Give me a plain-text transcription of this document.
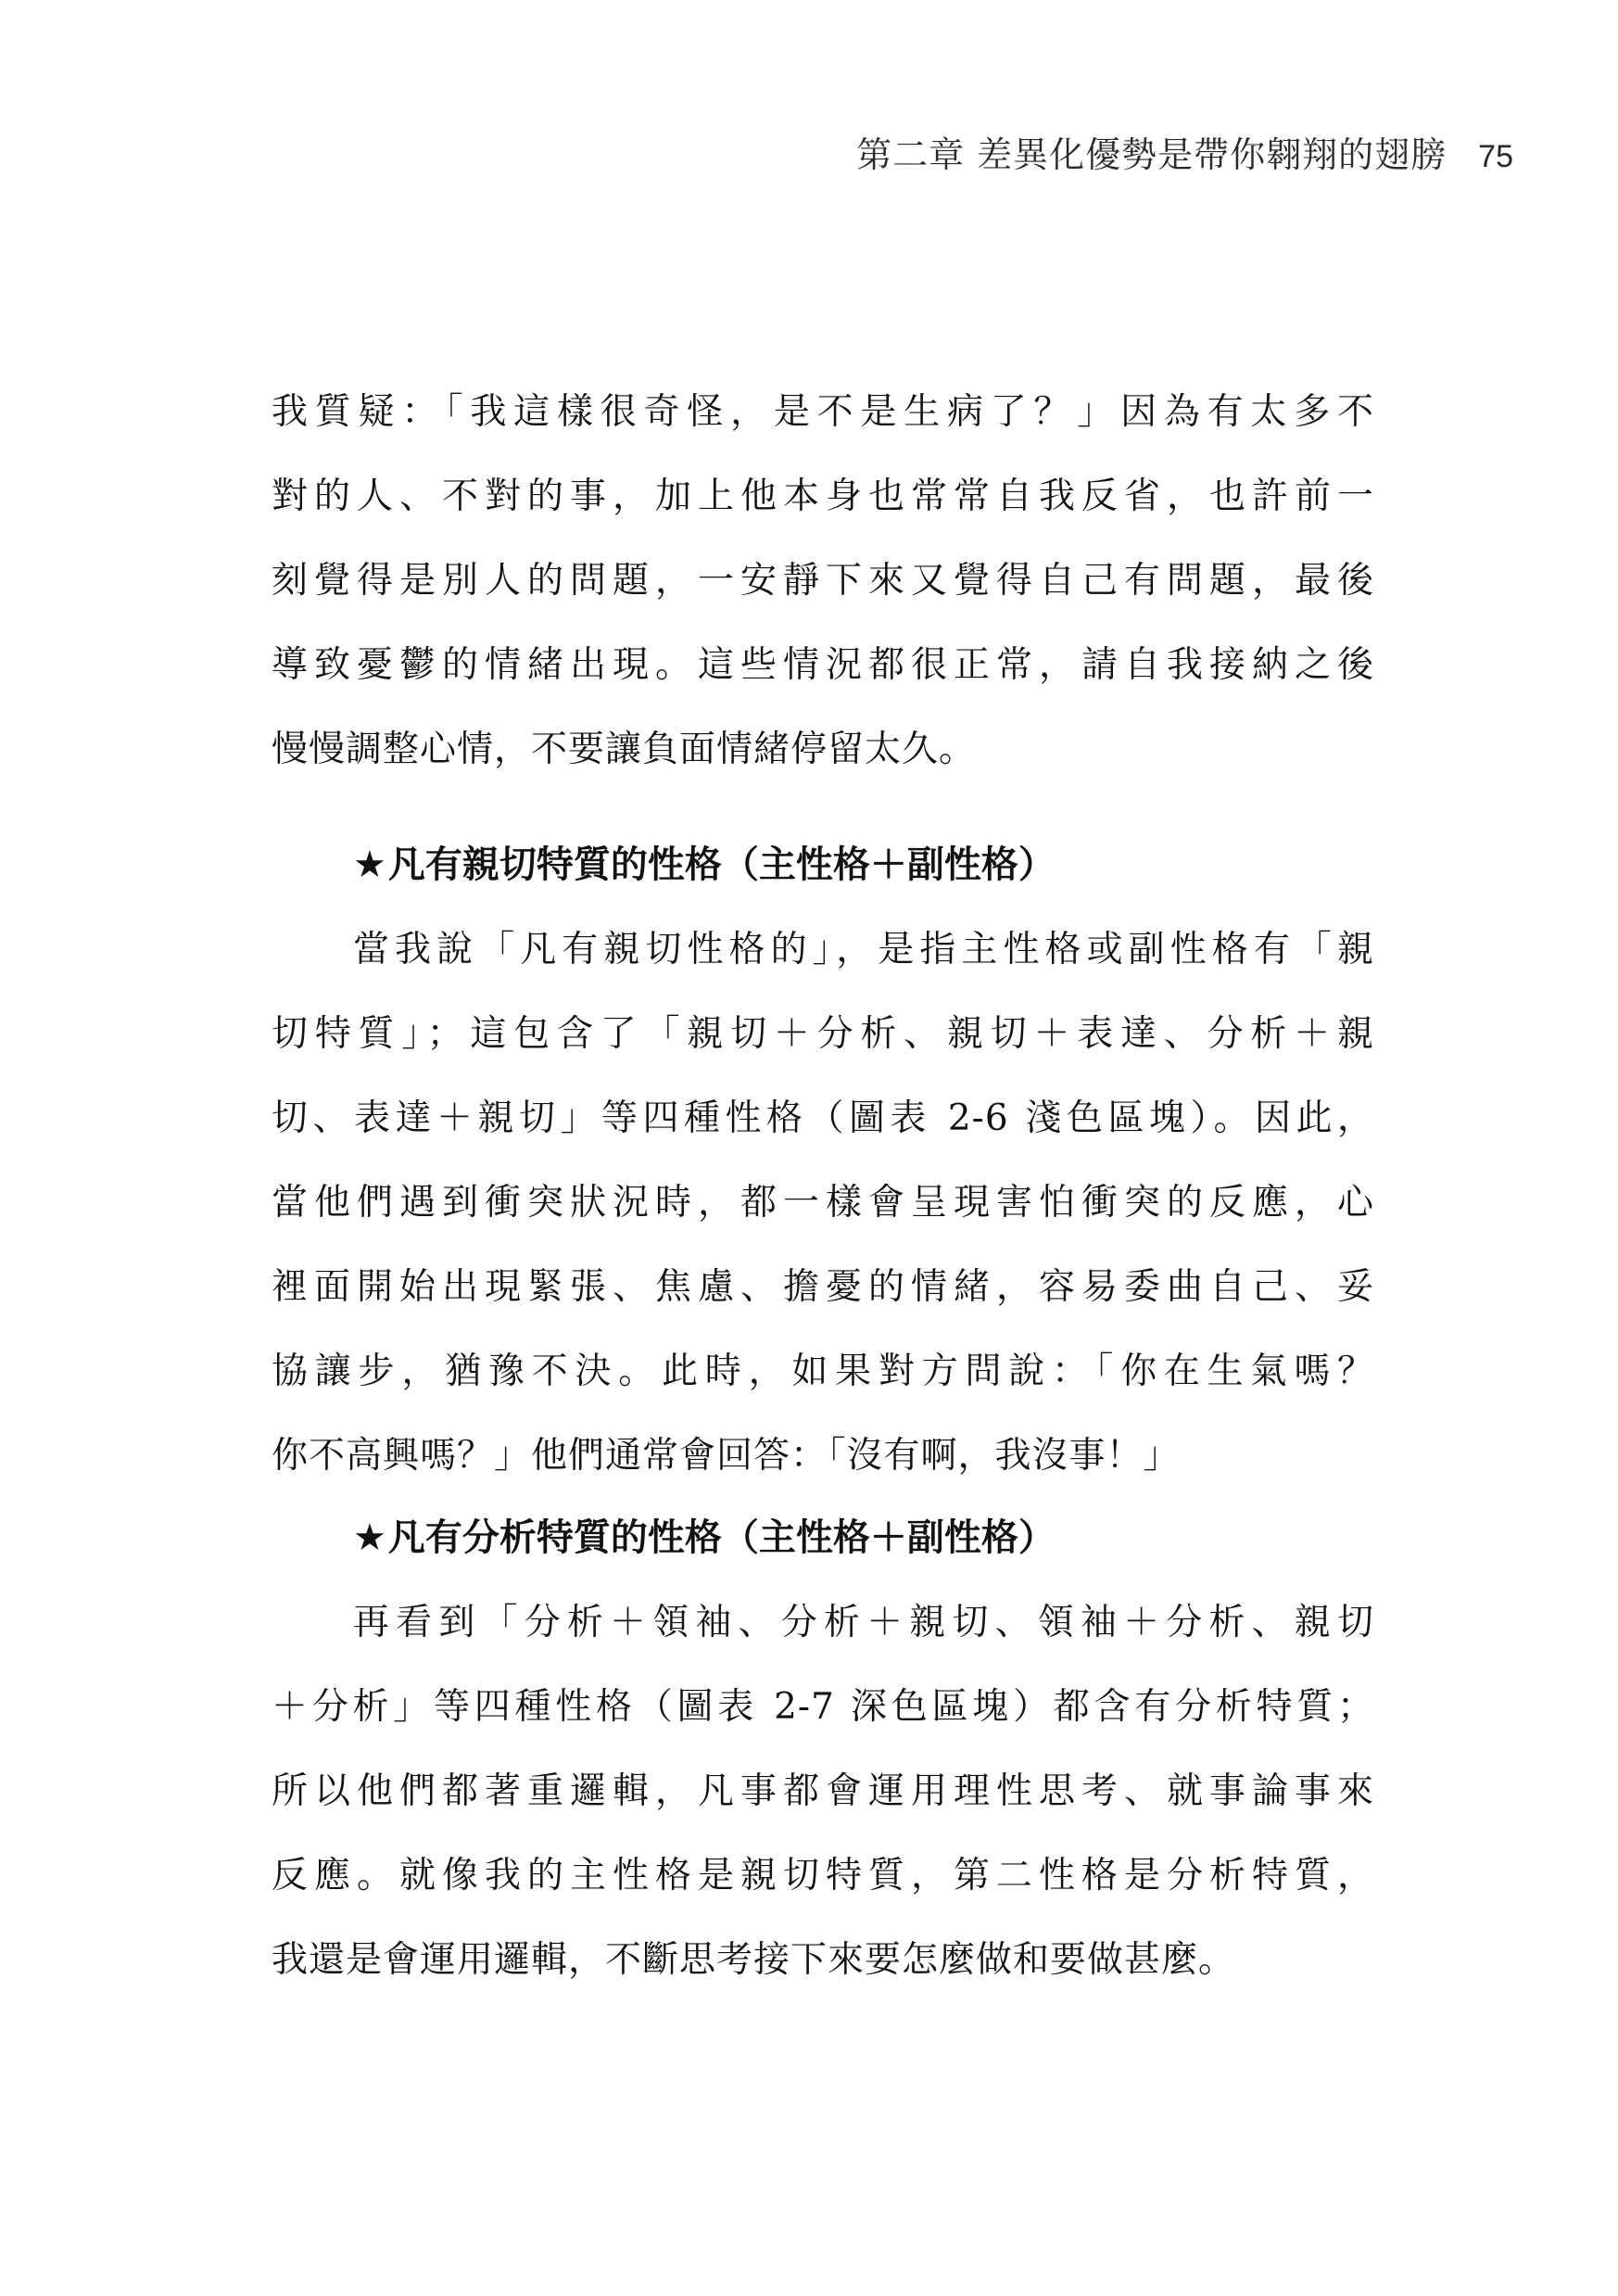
第二章 差異化優勢是帶你翱翔的翅膀 75
我質疑：「我這樣很奇怪，是不是生病了？」因為有太多不
對的人、不對的事，加上他本身也常常自我反省，也許前一
刻覺得是別人的問題，一安靜下來又覺得自己有問題，最後
導致憂鬱的情緒出現。這些情況都很正常，請自我接納之後
慢慢調整心情，不要讓負面情緒停留太久。
★凡有親切特質的性格（主性格＋副性格）
當我說「凡有親切性格的」，是指主性格或副性格有「親
切特質」；這包含了「親切＋分析、親切＋表達、分析＋親
切、表達＋親切」等四種性格（圖表 2-6 淺色區塊）。因此，
當他們遇到衝突狀況時，都一樣會呈現害怕衝突的反應，心
裡面開始出現緊張、焦慮、擔憂的情緒，容易委曲自己、妥
協讓步，猶豫不決。此時，如果對方問說：「你在生氣嗎？
你不高興嗎？」他們通常會回答：「沒有啊，我沒事！」
★凡有分析特質的性格（主性格＋副性格）
再看到「分析＋領袖、分析＋親切、領袖＋分析、親切
＋分析」等四種性格（圖表 2-7 深色區塊）都含有分析特質；
所以他們都著重邏輯，凡事都會運用理性思考、就事論事來
反應。就像我的主性格是親切特質，第二性格是分析特質，
我還是會運用邏輯，不斷思考接下來要怎麼做和要做甚麼。
